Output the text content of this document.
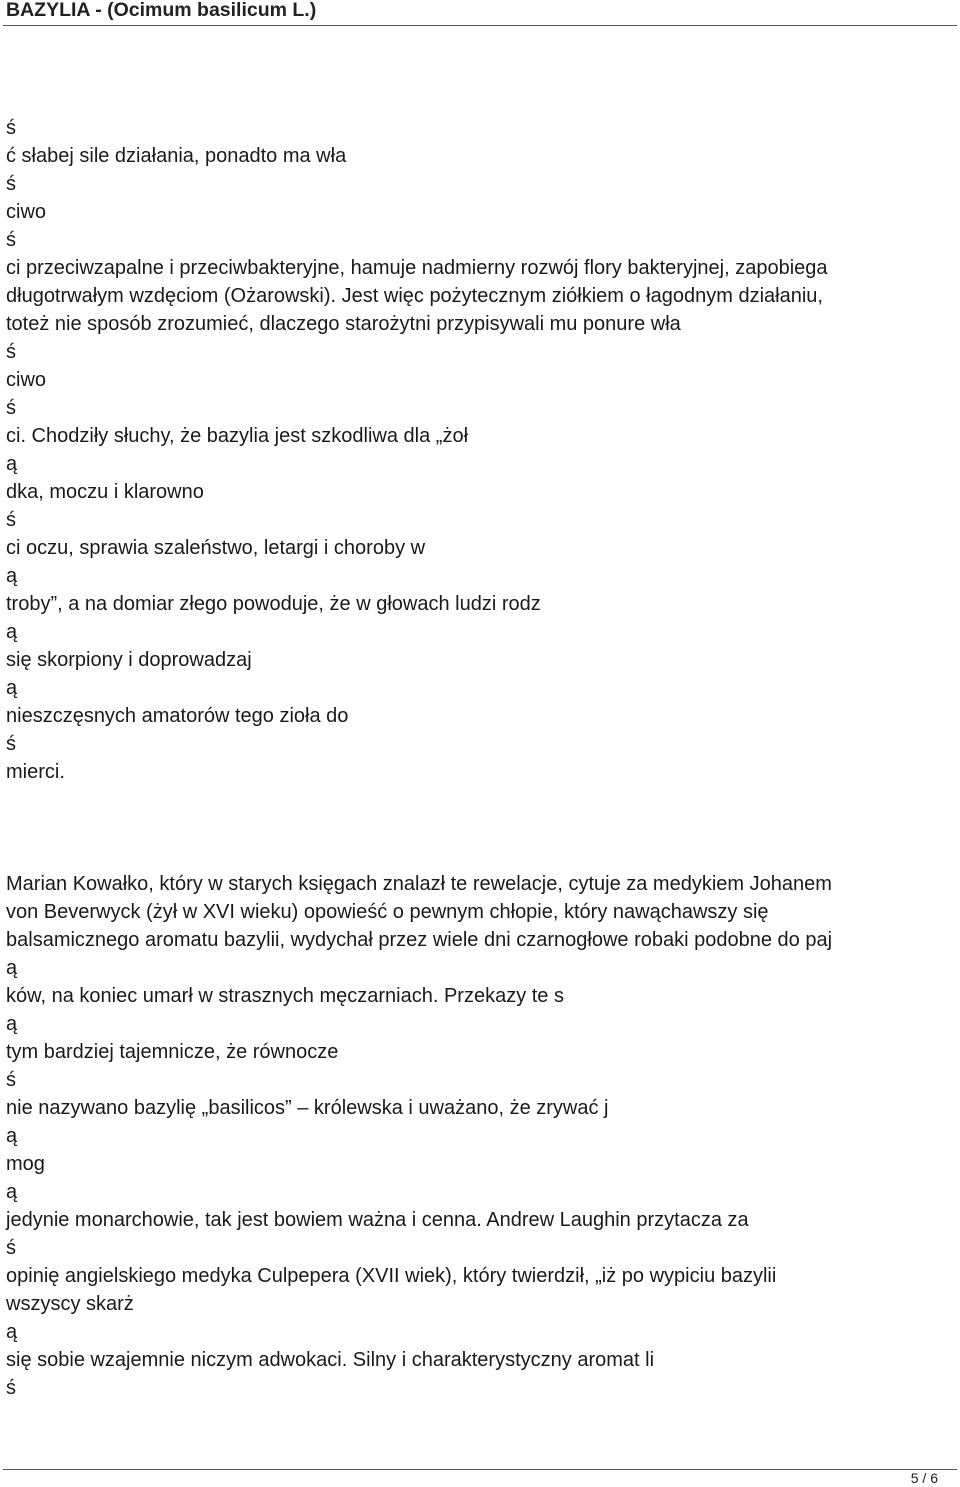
BAZYLIA - (Ocimum basilicum L.)
ś
ć słabej sile działania, ponadto ma wła
ś
ciwo
ś
ci przeciwzapalne i przeciwbakteryjne, hamuje nadmierny rozwój flory bakteryjnej, zapobiega
długotrwałym wzdęciom (Ożarowski). Jest więc pożytecznym ziółkiem o łagodnym działaniu,
toteż nie sposób zrozumieć, dlaczego starożytni przypisywali mu ponure wła
ś
ciwo
ś
ci. Chodziły słuchy, że bazylia jest szkodliwa dla „żoł
ą
dka, moczu i klarowno
ś
ci oczu, sprawia szaleństwo, letargi i choroby w
ą
troby”, a na domiar złego powoduje, że w głowach ludzi rodz
ą
się skorpiony i doprowadzaj
ą
nieszczęsnych amatorów tego zioła do
ś
mierci.
Marian Kowałko, który w starych księgach znalazł te rewelacje, cytuje za medykiem Johanem
von Beverwyck (żył w XVI wieku) opowieść o pewnym chłopie, który nawąchawszy się
balsamicznego aromatu bazylii, wydychał przez wiele dni czarnogłowe robaki podobne do paj
ą
ków, na koniec umarł w strasznych męczarniach. Przekazy te s
ą
tym bardziej tajemnicze, że równocze
ś
nie nazywano bazylię „basilicos” – królewska i uważano, że zrywać j
ą
mog
ą
jedynie monarchowie, tak jest bowiem ważna i cenna. Andrew Laughin przytacza za
ś
opinię angielskiego medyka Culpepera (XVII wiek), który twierdził, „iż po wypiciu bazylii
wszyscy skarż
ą
się sobie wzajemnie niczym adwokaci. Silny i charakterystyczny aromat li
ś
5 / 6
